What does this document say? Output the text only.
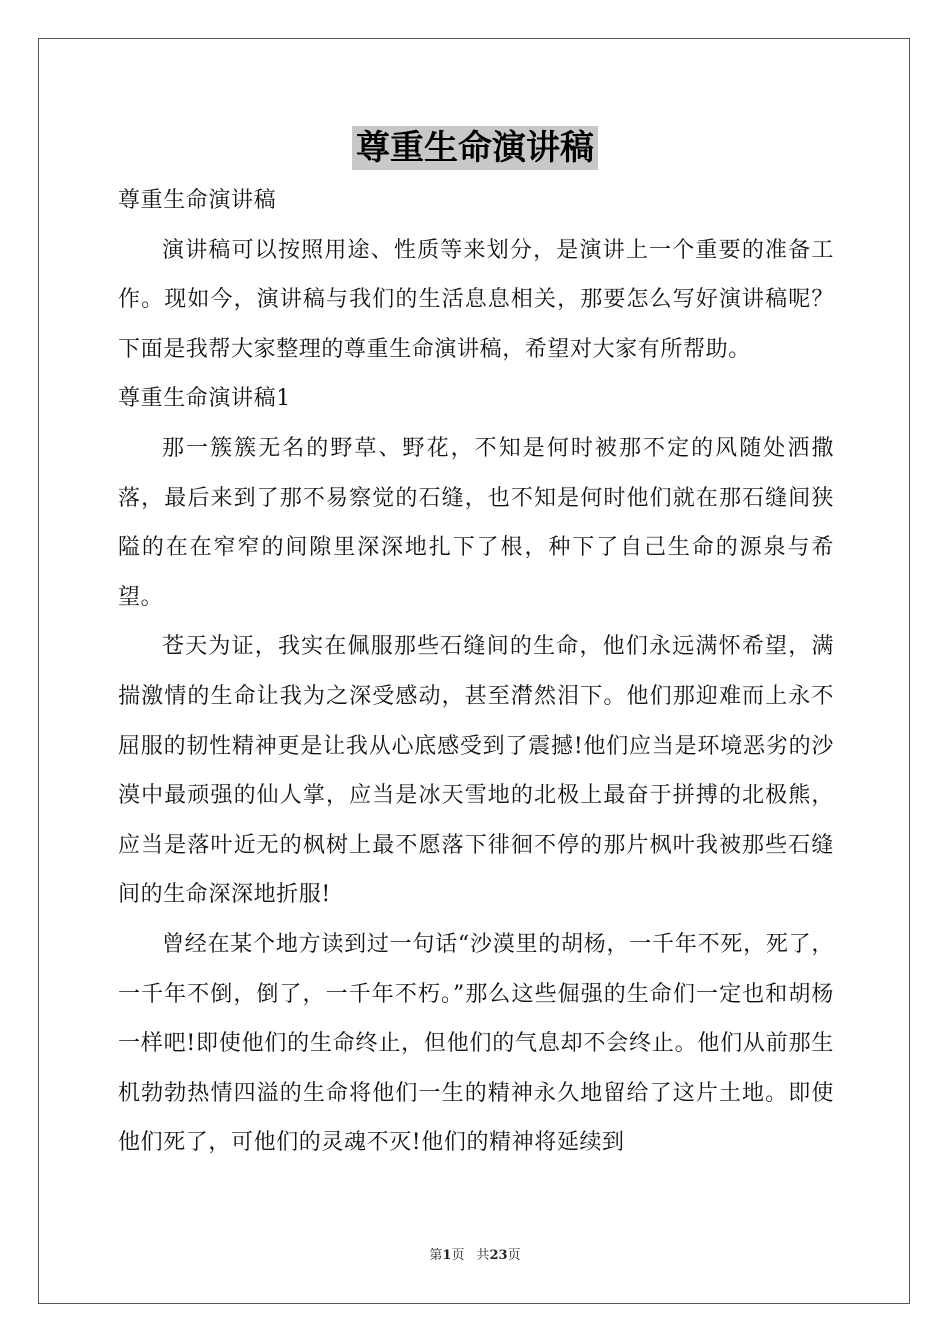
尊重生命演讲稿

尊重生命演讲稿

演讲稿可以按照用途、性质等来划分，是演讲上一个重要的准备工作。现如今，演讲稿与我们的生活息息相关，那要怎么写好演讲稿呢？下面是我帮大家整理的尊重生命演讲稿，希望对大家有所帮助。

尊重生命演讲稿1

那一簇簇无名的野草、野花，不知是何时被那不定的风随处洒撒落，最后来到了那不易察觉的石缝，也不知是何时他们就在那石缝间狭隘的在在窄窄的间隙里深深地扎下了根，种下了自己生命的源泉与希望。

苍天为证，我实在佩服那些石缝间的生命，他们永远满怀希望，满揣激情的生命让我为之深受感动，甚至潸然泪下。他们那迎难而上永不屈服的韧性精神更是让我从心底感受到了震撼!他们应当是环境恶劣的沙漠中最顽强的仙人掌，应当是冰天雪地的北极上最奋于拼搏的北极熊，应当是落叶近无的枫树上最不愿落下徘徊不停的那片枫叶我被那些石缝间的生命深深地折服!

曾经在某个地方读到过一句话“沙漠里的胡杨，一千年不死，死了，一千年不倒，倒了，一千年不朽。”那么这些倔强的生命们一定也和胡杨一样吧!即使他们的生命终止，但他们的气息却不会终止。他们从前那生机勃勃热情四溢的生命将他们一生的精神永久地留给了这片土地。即使他们死了，可他们的灵魂不灭!他们的精神将延续到

第1页 共23页
